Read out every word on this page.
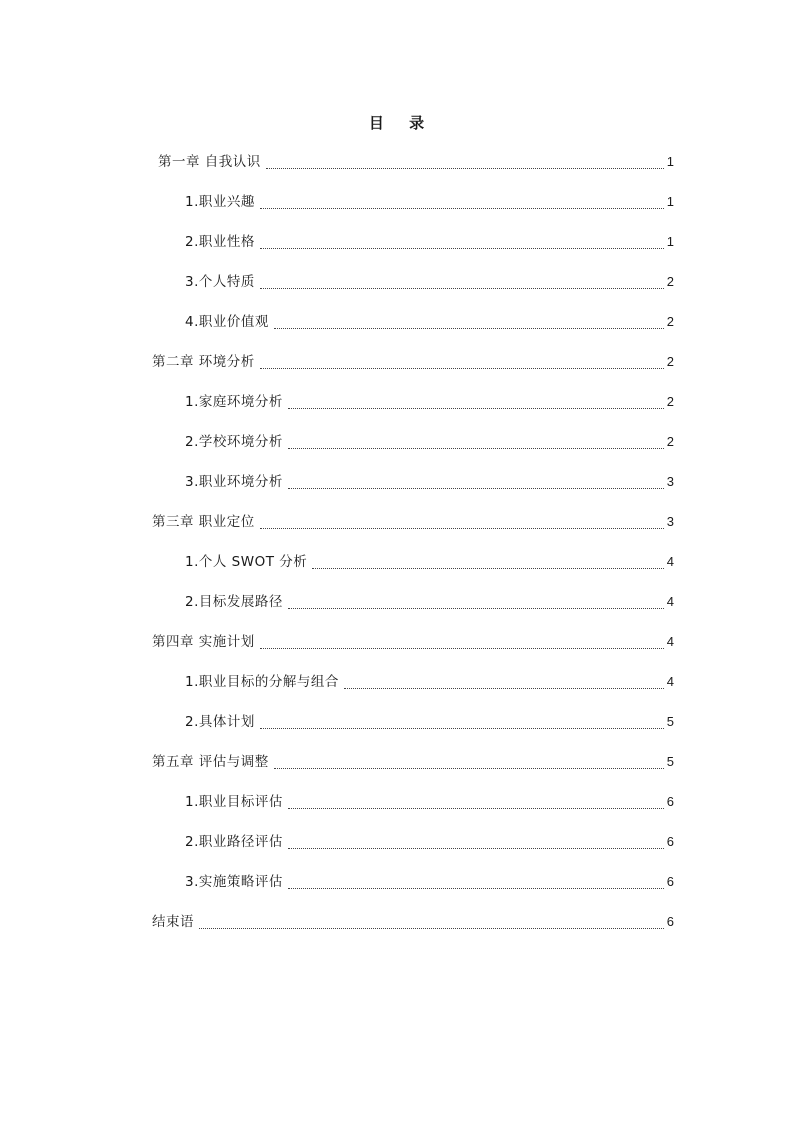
目 录
第一章 自我认识	1
1.职业兴趣	1
2.职业性格	1
3.个人特质	2
4.职业价值观	2
第二章 环境分析	2
1.家庭环境分析	2
2.学校环境分析	2
3.职业环境分析	3
第三章 职业定位	3
1.个人 SWOT 分析	4
2.目标发展路径	4
第四章 实施计划	4
1.职业目标的分解与组合	4
2.具体计划	5
第五章 评估与调整	5
1.职业目标评估	6
2.职业路径评估	6
3.实施策略评估	6
结束语	6
